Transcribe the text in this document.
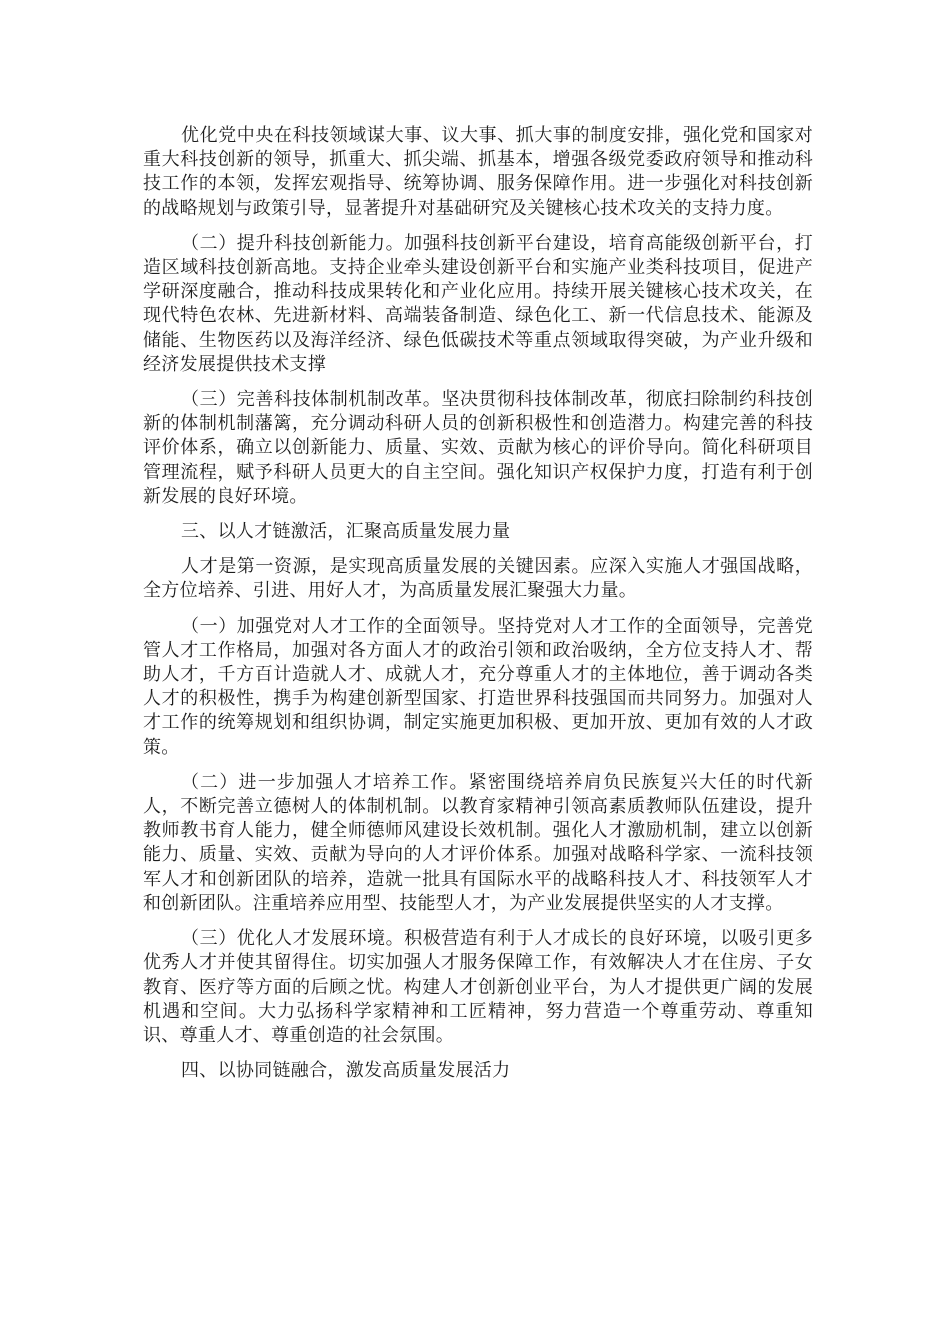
优化党中央在科技领域谋大事、议大事、抓大事的制度安排，强化党和国家对重大科技创新的领导，抓重大、抓尖端、抓基本，增强各级党委政府领导和推动科技工作的本领，发挥宏观指导、统筹协调、服务保障作用。进一步强化对科技创新的战略规划与政策引导，显著提升对基础研究及关键核心技术攻关的支持力度。

（二）提升科技创新能力。加强科技创新平台建设，培育高能级创新平台，打造区域科技创新高地。支持企业牵头建设创新平台和实施产业类科技项目，促进产学研深度融合，推动科技成果转化和产业化应用。持续开展关键核心技术攻关，在现代特色农林、先进新材料、高端装备制造、绿色化工、新一代信息技术、能源及储能、生物医药以及海洋经济、绿色低碳技术等重点领域取得突破，为产业升级和经济发展提供技术支撑

（三）完善科技体制机制改革。坚决贯彻科技体制改革，彻底扫除制约科技创新的体制机制藩篱，充分调动科研人员的创新积极性和创造潜力。构建完善的科技评价体系，确立以创新能力、质量、实效、贡献为核心的评价导向。简化科研项目管理流程，赋予科研人员更大的自主空间。强化知识产权保护力度，打造有利于创新发展的良好环境。

三、以人才链激活，汇聚高质量发展力量

人才是第一资源，是实现高质量发展的关键因素。应深入实施人才强国战略，全方位培养、引进、用好人才，为高质量发展汇聚强大力量。

（一）加强党对人才工作的全面领导。坚持党对人才工作的全面领导，完善党管人才工作格局，加强对各方面人才的政治引领和政治吸纳，全方位支持人才、帮助人才，千方百计造就人才、成就人才，充分尊重人才的主体地位，善于调动各类人才的积极性，携手为构建创新型国家、打造世界科技强国而共同努力。加强对人才工作的统筹规划和组织协调，制定实施更加积极、更加开放、更加有效的人才政策。

（二）进一步加强人才培养工作。紧密围绕培养肩负民族复兴大任的时代新人，不断完善立德树人的体制机制。以教育家精神引领高素质教师队伍建设，提升教师教书育人能力，健全师德师风建设长效机制。强化人才激励机制，建立以创新能力、质量、实效、贡献为导向的人才评价体系。加强对战略科学家、一流科技领军人才和创新团队的培养，造就一批具有国际水平的战略科技人才、科技领军人才和创新团队。注重培养应用型、技能型人才，为产业发展提供坚实的人才支撑。

（三）优化人才发展环境。积极营造有利于人才成长的良好环境，以吸引更多优秀人才并使其留得住。切实加强人才服务保障工作，有效解决人才在住房、子女教育、医疗等方面的后顾之忧。构建人才创新创业平台，为人才提供更广阔的发展机遇和空间。大力弘扬科学家精神和工匠精神，努力营造一个尊重劳动、尊重知识、尊重人才、尊重创造的社会氛围。

四、以协同链融合，激发高质量发展活力
